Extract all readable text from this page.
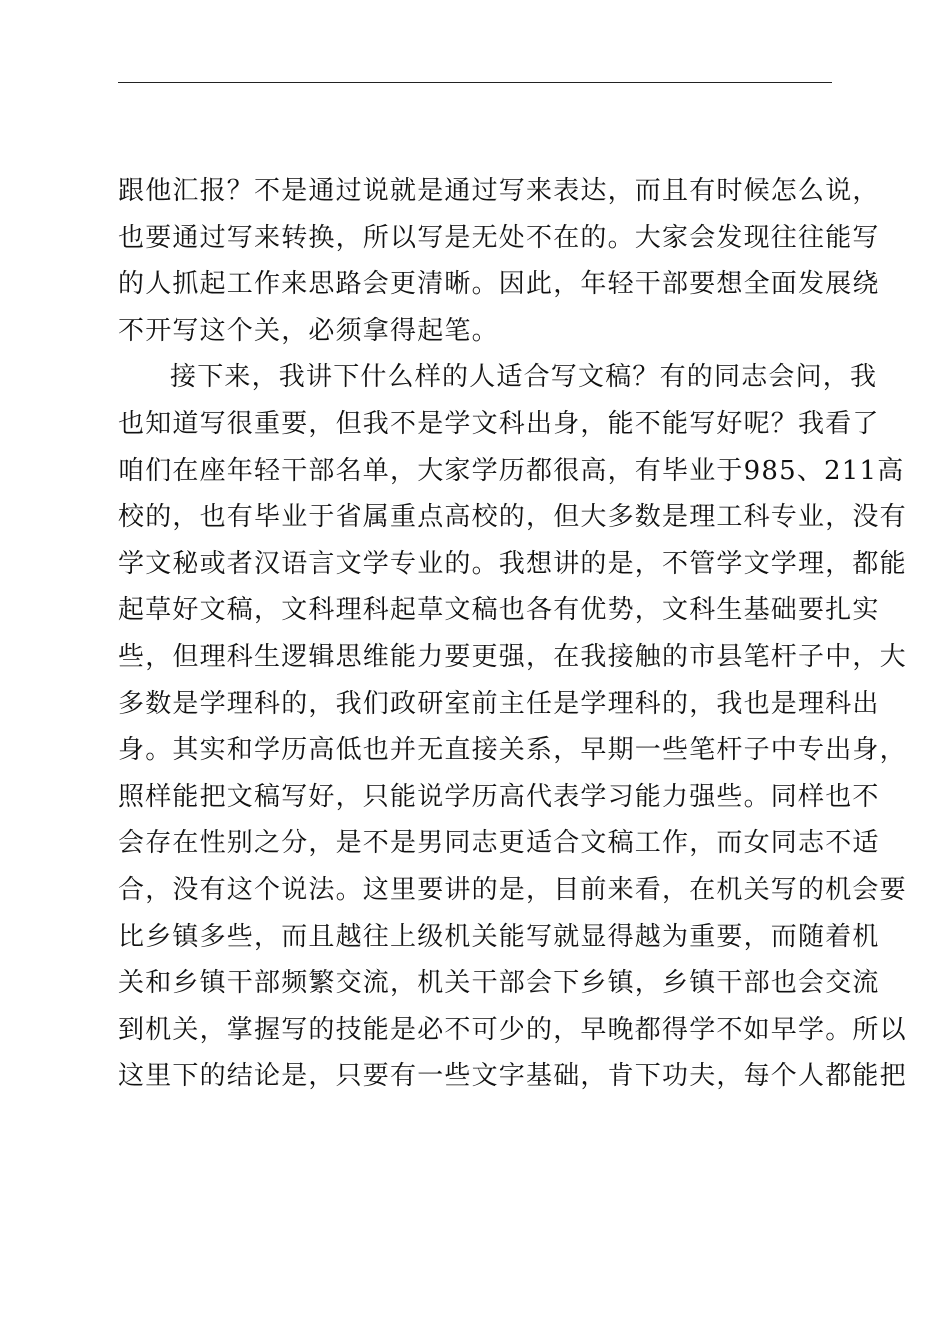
跟他汇报？不是通过说就是通过写来表达，而且有时候怎么说，
也要通过写来转换，所以写是无处不在的。大家会发现往往能写
的人抓起工作来思路会更清晰。因此，年轻干部要想全面发展绕
不开写这个关，必须拿得起笔。
接下来，我讲下什么样的人适合写文稿？有的同志会问，我
也知道写很重要，但我不是学文科出身，能不能写好呢？我看了
咱们在座年轻干部名单，大家学历都很高，有毕业于985、211高
校的，也有毕业于省属重点高校的，但大多数是理工科专业，没有
学文秘或者汉语言文学专业的。我想讲的是，不管学文学理，都能
起草好文稿，文科理科起草文稿也各有优势，文科生基础要扎实
些，但理科生逻辑思维能力要更强，在我接触的市县笔杆子中，大
多数是学理科的，我们政研室前主任是学理科的，我也是理科出
身。其实和学历高低也并无直接关系，早期一些笔杆子中专出身，
照样能把文稿写好，只能说学历高代表学习能力强些。同样也不
会存在性别之分，是不是男同志更适合文稿工作，而女同志不适
合，没有这个说法。这里要讲的是，目前来看，在机关写的机会要
比乡镇多些，而且越往上级机关能写就显得越为重要，而随着机
关和乡镇干部频繁交流，机关干部会下乡镇，乡镇干部也会交流
到机关，掌握写的技能是必不可少的，早晚都得学不如早学。所以
这里下的结论是，只要有一些文字基础，肯下功夫，每个人都能把
